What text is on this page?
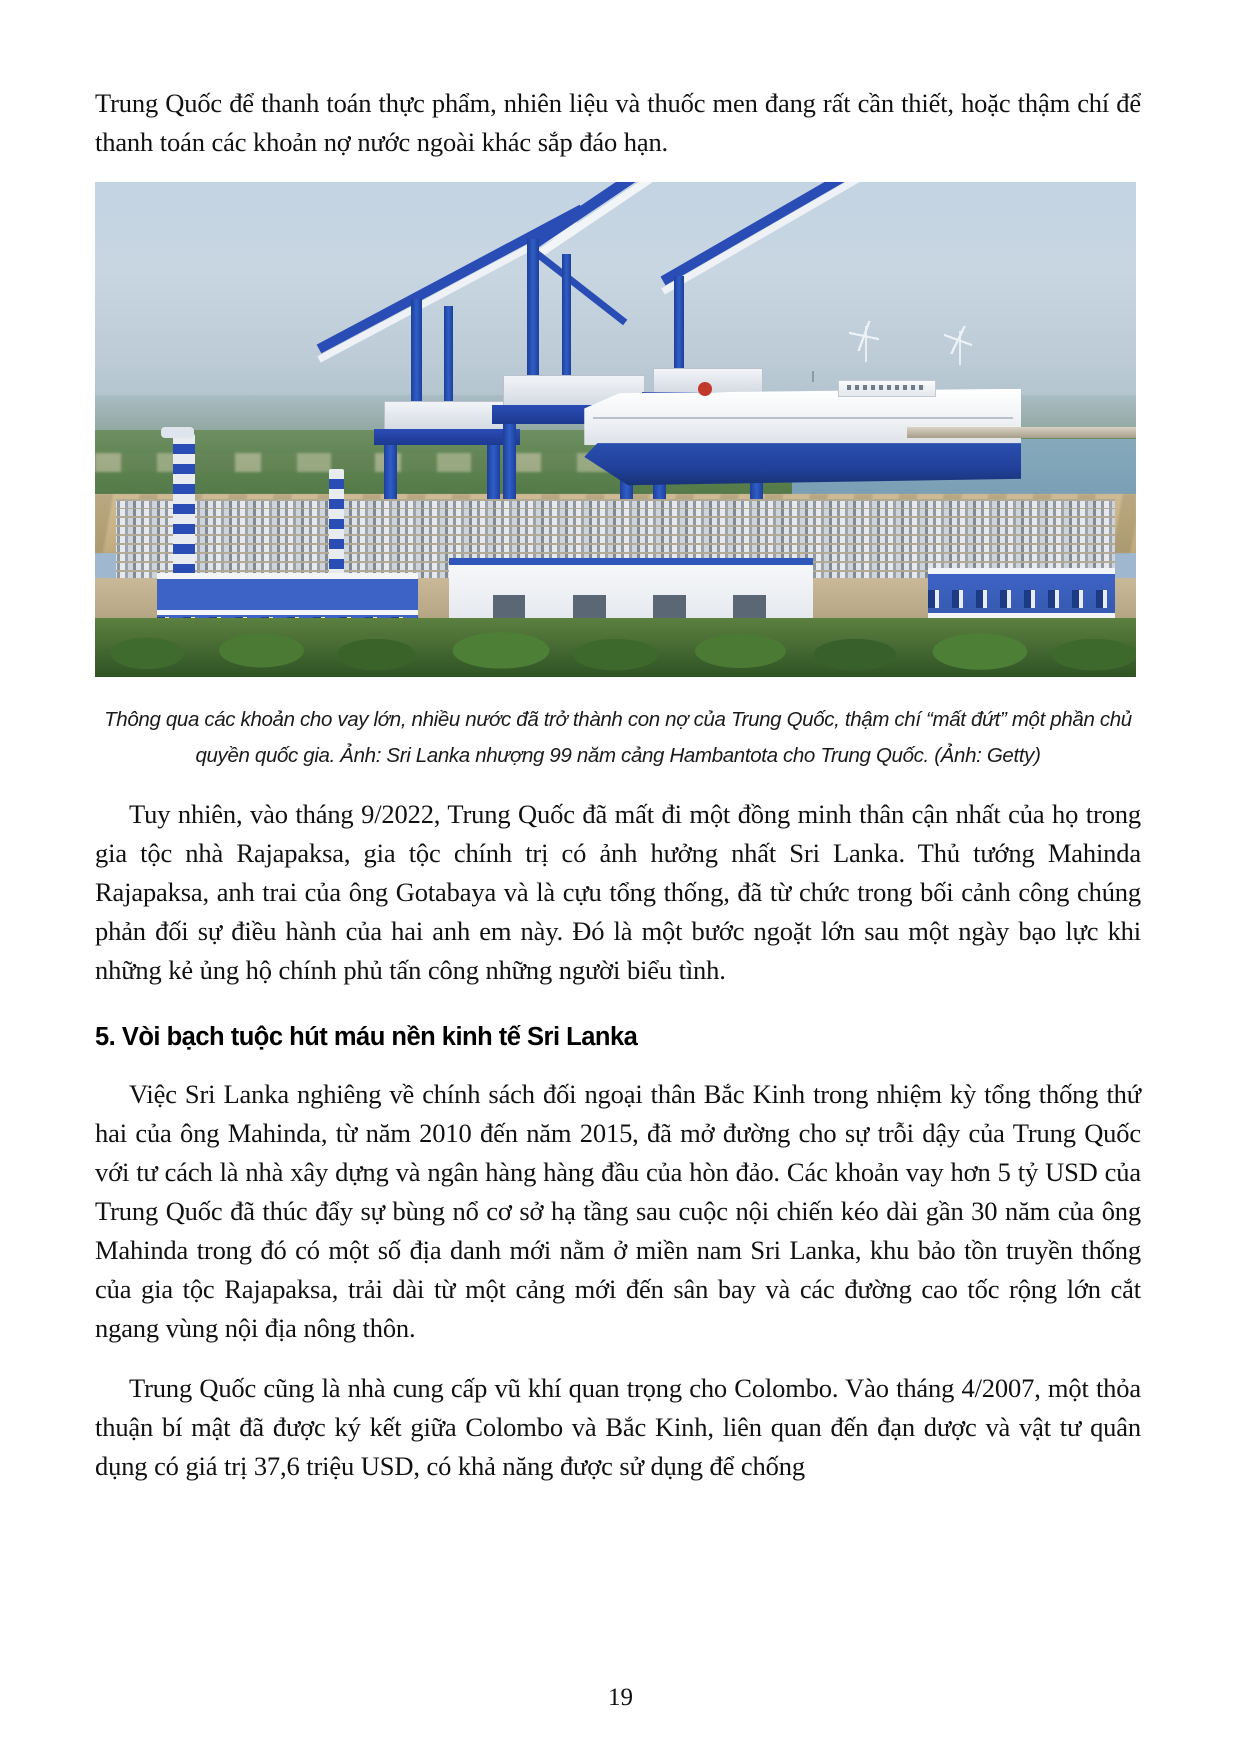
Trung Quốc để thanh toán thực phẩm, nhiên liệu và thuốc men đang rất cần thiết, hoặc thậm chí để thanh toán các khoản nợ nước ngoài khác sắp đáo hạn.

Thông qua các khoản cho vay lớn, nhiều nước đã trở thành con nợ của Trung Quốc, thậm chí “mất đứt” một phần chủ quyền quốc gia. Ảnh: Sri Lanka nhượng 99 năm cảng Hambantota cho Trung Quốc. (Ảnh: Getty)

Tuy nhiên, vào tháng 9/2022, Trung Quốc đã mất đi một đồng minh thân cận nhất của họ trong gia tộc nhà Rajapaksa, gia tộc chính trị có ảnh hưởng nhất Sri Lanka. Thủ tướng Mahinda Rajapaksa, anh trai của ông Gotabaya và là cựu tổng thống, đã từ chức trong bối cảnh công chúng phản đối sự điều hành của hai anh em này. Đó là một bước ngoặt lớn sau một ngày bạo lực khi những kẻ ủng hộ chính phủ tấn công những người biểu tình.

5. Vòi bạch tuộc hút máu nền kinh tế Sri Lanka

Việc Sri Lanka nghiêng về chính sách đối ngoại thân Bắc Kinh trong nhiệm kỳ tổng thống thứ hai của ông Mahinda, từ năm 2010 đến năm 2015, đã mở đường cho sự trỗi dậy của Trung Quốc với tư cách là nhà xây dựng và ngân hàng hàng đầu của hòn đảo. Các khoản vay hơn 5 tỷ USD của Trung Quốc đã thúc đẩy sự bùng nổ cơ sở hạ tầng sau cuộc nội chiến kéo dài gần 30 năm của ông Mahinda trong đó có một số địa danh mới nằm ở miền nam Sri Lanka, khu bảo tồn truyền thống của gia tộc Rajapaksa, trải dài từ một cảng mới đến sân bay và các đường cao tốc rộng lớn cắt ngang vùng nội địa nông thôn.

Trung Quốc cũng là nhà cung cấp vũ khí quan trọng cho Colombo. Vào tháng 4/2007, một thỏa thuận bí mật đã được ký kết giữa Colombo và Bắc Kinh, liên quan đến đạn dược và vật tư quân dụng có giá trị 37,6 triệu USD, có khả năng được sử dụng để chống

19
